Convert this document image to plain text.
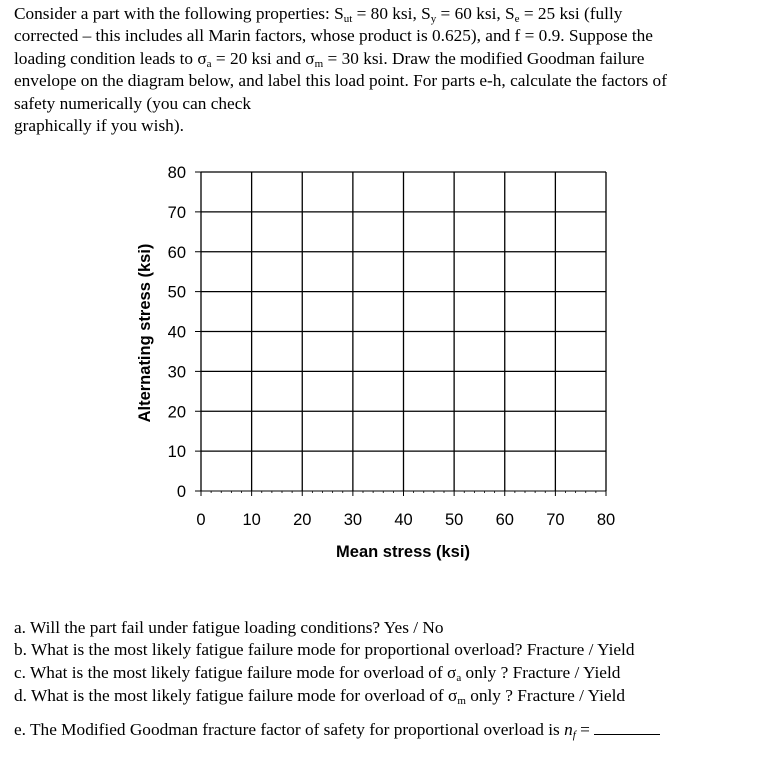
Consider a part with the following properties: $S_{ut} = 80$ ksi, $S_y = 60$ ksi, $S_e = 25$ ksi (fully
corrected – this includes all Marin factors, whose product is 0.625), and f = 0.9. Suppose the
loading condition leads to $\sigma_a = 20$ ksi and $\sigma_m = 30$ ksi. Draw the modified Goodman failure
envelope on the diagram below, and label this load point. For parts e-h, calculate the factors of
safety numerically (you can check
graphically if you wish).
0 10 20 30 40 50 60 70 80
0
10
20
30
40
50
60
70
80
Mean stress (ksi)
Alternating stress (ksi)
a. Will the part fail under fatigue loading conditions? Yes / No
b. What is the most likely fatigue failure mode for proportional overload? Fracture / Yield
c. What is the most likely fatigue failure mode for overload of $\sigma_a$ only ? Fracture / Yield
d. What is the most likely fatigue failure mode for overload of $\sigma_m$ only ? Fracture / Yield
e. The Modified Goodman fracture factor of safety for proportional overload is $n_f$ =
